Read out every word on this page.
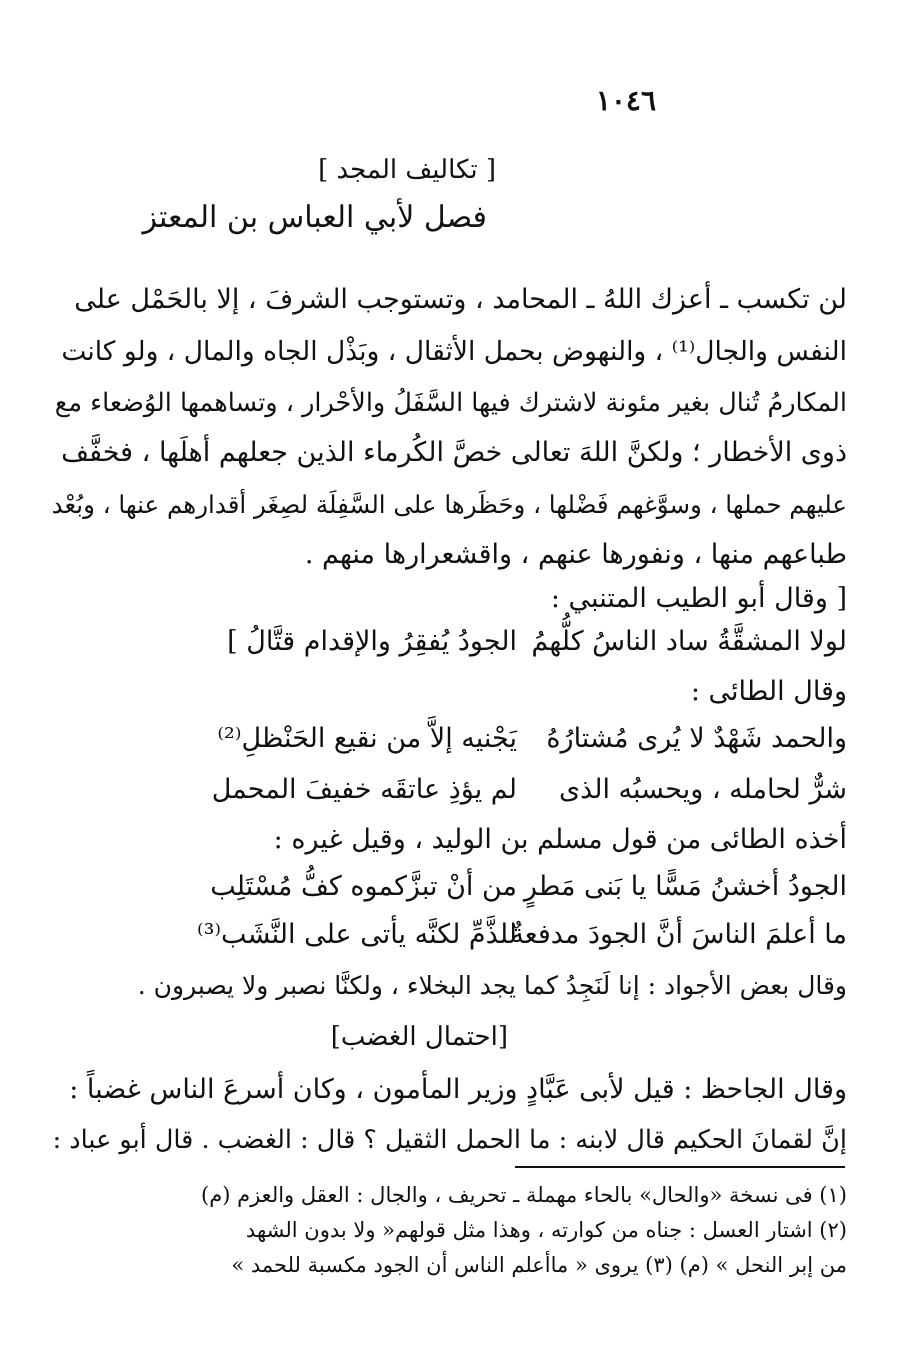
١٠٤٦
[ تكاليف المجد ]
فصل لأبي العباس بن المعتز
لن تكسب ـ أعزك اللهُ ـ المحامد ، وتستوجب الشرفَ ، إلا بالحَمْل على
النفس والجال⁽¹⁾ ، والنهوض بحمل الأثقال ، وبَذْل الجاه والمال ، ولو كانت
المكارمُ تُنال بغير مئونة لاشترك فيها السَّفَلُ والأحْرار ، وتساهمها الوُضعاء مع
ذوى الأخطار ؛ ولكنَّ اللهَ تعالى خصَّ الكُرماء الذين جعلهم أهلَها ، فخفَّف
عليهم حملها ، وسوَّغهم فَضْلها ، وحَظَرها على السَّفِلَة لصِغَر أقدارهم عنها ، وبُعْد
طباعهم منها ، ونفورها عنهم ، واقشعرارها منهم .
[ وقال أبو الطيب المتنبي :
لولا المشقَّةُ ساد الناسُ كلُّهمُ
الجودُ يُفقِرُ والإقدام قتَّالُ ]
وقال الطائى :
والحمد شَهْدٌ لا يُرى مُشتارُهُ
يَجْنيه إلاَّ من نقيع الحَنْظلِ⁽²⁾
شرٌّ لحامله ، ويحسبُه الذى
لم يؤذِ عاتقَه خفيفَ المحمل
أخذه الطائى من قول مسلم بن الوليد ، وقيل غيره :
الجودُ أخشنُ مَسًّا يا بَنى مَطرٍ
من أنْ تبزَّكموه كفُّ مُسْتَلِب
ما أعلمَ الناسَ أنَّ الجودَ مدفعةٌ
للذَّمِّ لكنَّه يأتى على النَّشَب⁽³⁾
وقال بعض الأجواد : إنا لَنَجِدُ كما يجد البخلاء ، ولكنَّا نصبر ولا يصبرون .
[احتمال الغضب]
وقال الجاحظ : قيل لأبى عَبَّادٍ وزير المأمون ، وكان أسرعَ الناس غضباً :
إنَّ لقمانَ الحكيم قال لابنه : ما الحمل الثقيل ؟ قال : الغضب . قال أبو عباد :
(١) فى نسخة «والحال» بالحاء مهملة ـ تحريف ، والجال : العقل والعزم (م)
(٢) اشتار العسل : جناه من كوارته ، وهذا مثل قولهم« ولا بدون الشهد
من إبر النحل » (م) (٣) يروى « ماأعلم الناس أن الجود مكسبة للحمد »
